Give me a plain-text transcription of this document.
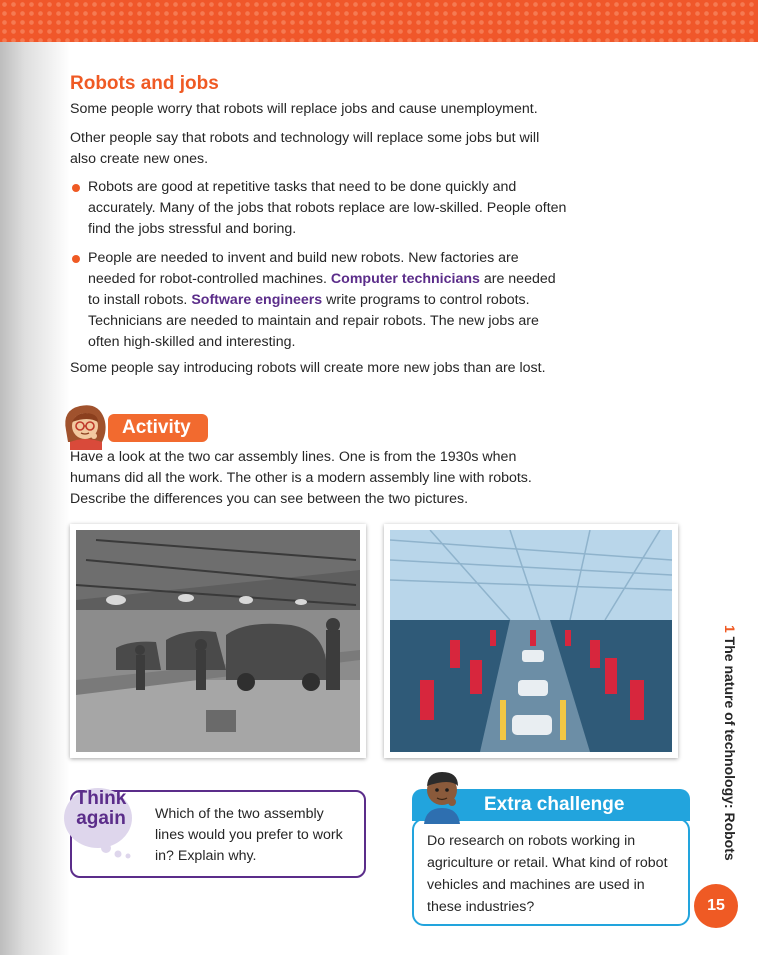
Robots and jobs
Some people worry that robots will replace jobs and cause unemployment.
Other people say that robots and technology will replace some jobs but will also create new ones.
Robots are good at repetitive tasks that need to be done quickly and accurately. Many of the jobs that robots replace are low-skilled. People often find the jobs stressful and boring.
People are needed to invent and build new robots. New factories are needed for robot-controlled machines. Computer technicians are needed to install robots. Software engineers write programs to control robots. Technicians are needed to maintain and repair robots. The new jobs are often high-skilled and interesting.
Some people say introducing robots will create more new jobs than are lost.
Activity
Have a look at the two car assembly lines. One is from the 1930s when humans did all the work. The other is a modern assembly line with robots. Describe the differences you can see between the two pictures.
Think
again	Which of the two assembly lines would you prefer to work in? Explain why.
Extra challenge
Do research on robots working in agriculture or retail. What kind of robot vehicles and machines are used in these industries?
1 The nature of technology: Robots
15
